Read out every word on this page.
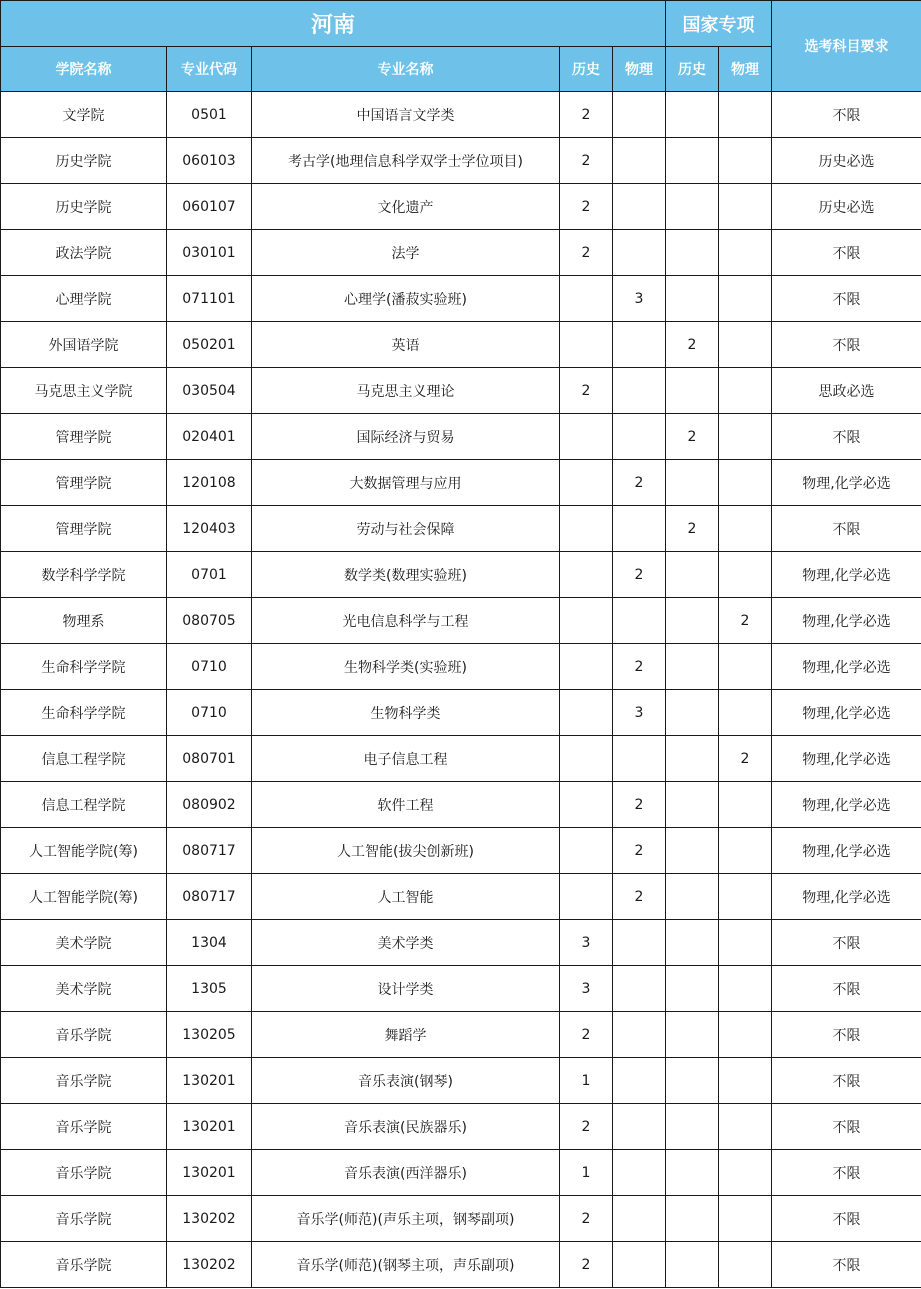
河南					国家专项		选考科目要求
学院名称	专业代码	专业名称	历史	物理	历史	物理	
文学院	0501	中国语言文学类	2				不限
历史学院	060103	考古学(地理信息科学双学士学位项目)	2				历史必选
历史学院	060107	文化遗产	2				历史必选
政法学院	030101	法学	2				不限
心理学院	071101	心理学(潘菽实验班)		3			不限
外国语学院	050201	英语			2		不限
马克思主义学院	030504	马克思主义理论	2				思政必选
管理学院	020401	国际经济与贸易			2		不限
管理学院	120108	大数据管理与应用		2			物理,化学必选
管理学院	120403	劳动与社会保障			2		不限
数学科学学院	0701	数学类(数理实验班)		2			物理,化学必选
物理系	080705	光电信息科学与工程				2	物理,化学必选
生命科学学院	0710	生物科学类(实验班)		2			物理,化学必选
生命科学学院	0710	生物科学类		3			物理,化学必选
信息工程学院	080701	电子信息工程				2	物理,化学必选
信息工程学院	080902	软件工程		2			物理,化学必选
人工智能学院(筹)	080717	人工智能(拔尖创新班)		2			物理,化学必选
人工智能学院(筹)	080717	人工智能		2			物理,化学必选
美术学院	1304	美术学类	3				不限
美术学院	1305	设计学类	3				不限
音乐学院	130205	舞蹈学	2				不限
音乐学院	130201	音乐表演(钢琴)	1				不限
音乐学院	130201	音乐表演(民族器乐)	2				不限
音乐学院	130201	音乐表演(西洋器乐)	1				不限
音乐学院	130202	音乐学(师范)(声乐主项，钢琴副项)	2				不限
音乐学院	130202	音乐学(师范)(钢琴主项，声乐副项)	2				不限
